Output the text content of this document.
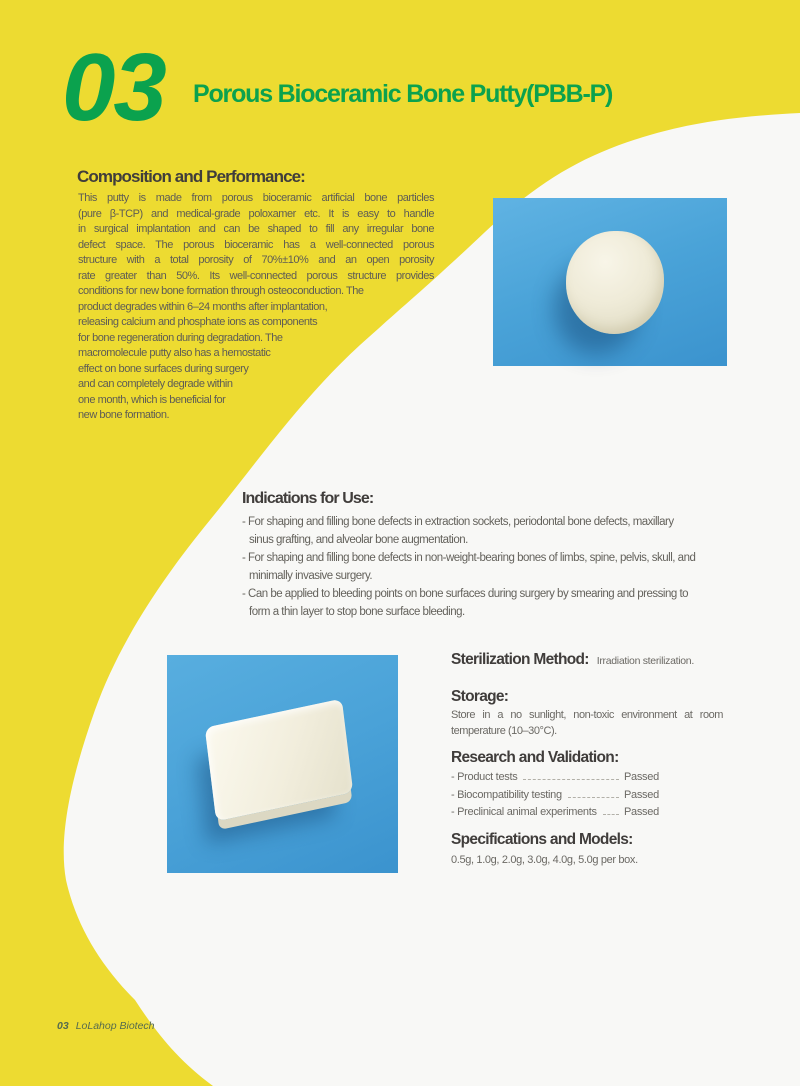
03 Porous Bioceramic Bone Putty(PBB-P)
Composition and Performance:
This putty is made from porous bioceramic artificial bone particles
(pure β-TCP) and medical-grade poloxamer etc. It is easy to handle
in surgical implantation and can be shaped to fill any irregular bone
defect space. The porous bioceramic has a well-connected porous
structure with a total porosity of 70%±10% and an open porosity
rate greater than 50%. Its well-connected porous structure provides
conditions for new bone formation through osteoconduction. The
product degrades within 6–24 months after implantation,
releasing calcium and phosphate ions as components
for bone regeneration during degradation. The
macromolecule putty also has a hemostatic
effect on bone surfaces during surgery
and can completely degrade within
one month, which is beneficial for
new bone formation.
Indications for Use:
- For shaping and filling bone defects in extraction sockets, periodontal bone defects, maxillary
sinus grafting, and alveolar bone augmentation.
- For shaping and filling bone defects in non-weight-bearing bones of limbs, spine, pelvis, skull, and
minimally invasive surgery.
- Can be applied to bleeding points on bone surfaces during surgery by smearing and pressing to
form a thin layer to stop bone surface bleeding.
Sterilization Method: Irradiation sterilization.
Storage:
Store in a no sunlight, non-toxic environment at room
temperature (10–30°C).
Research and Validation:
- Product tests	Passed
- Biocompatibility testing	Passed
- Preclinical animal experiments Passed
Specifications and Models:
0.5g, 1.0g, 2.0g, 3.0g, 4.0g, 5.0g per box.
03 LoLahop Biotech
